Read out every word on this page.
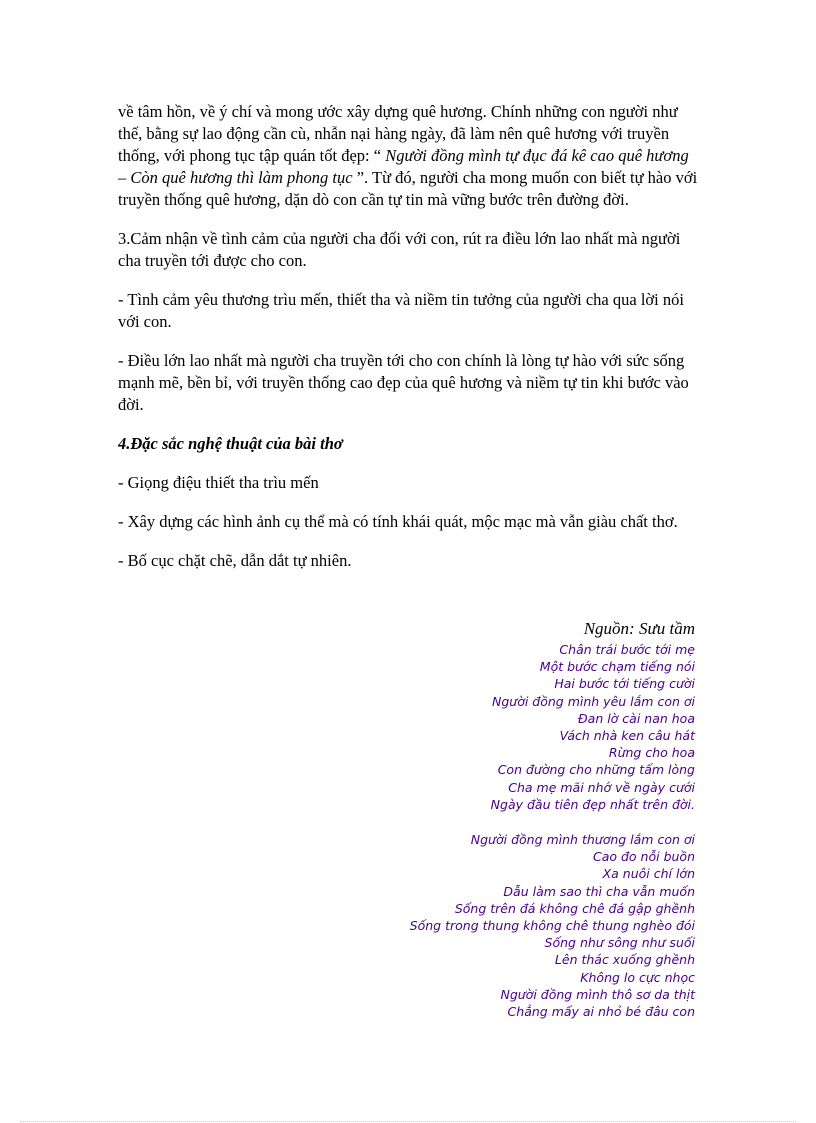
về tâm hồn, về ý chí và mong ước xây dựng quê hương. Chính những con người như thế, bằng sự lao động cần cù, nhẫn nại hàng ngày, đã làm nên quê hương với truyền thống, với phong tục tập quán tốt đẹp: “ Người đồng mình tự đục đá kê cao quê hương – Còn quê hương thì làm phong tục ”. Từ đó, người cha mong muốn con biết tự hào với truyền thống quê hương, dặn dò con cần tự tin mà vững bước trên đường đời.

3.Cảm nhận về tình cảm của người cha đối với con, rút ra điều lớn lao nhất mà người cha truyền tới được cho con.

- Tình cảm yêu thương trìu mến, thiết tha và niềm tin tưởng của người cha qua lời nói với con.

- Điều lớn lao nhất mà người cha truyền tới cho con chính là lòng tự hào với sức sống mạnh mẽ, bền bỉ, với truyền thống cao đẹp của quê hương và niềm tự tin khi bước vào đời.

4.Đặc sắc nghệ thuật của bài thơ

- Giọng điệu thiết tha trìu mến

- Xây dựng các hình ảnh cụ thể mà có tính khái quát, mộc mạc mà vẫn giàu chất thơ.

- Bố cục chặt chẽ, dẫn dắt tự nhiên.

Nguồn: Sưu tầm
Chân trái bước tới mẹ
Một bước chạm tiếng nói
Hai bước tới tiếng cười
Người đồng mình yêu lắm con ơi
Đan lờ cài nan hoa
Vách nhà ken câu hát
Rừng cho hoa
Con đường cho những tấm lòng
Cha mẹ mãi nhớ về ngày cưới
Ngày đầu tiên đẹp nhất trên đời.
Người đồng mình thương lắm con ơi
Cao đo nỗi buồn
Xa nuôi chí lớn
Dẫu làm sao thì cha vẫn muốn
Sống trên đá không chê đá gập ghềnh
Sống trong thung không chê thung nghèo đói
Sống như sông như suối
Lên thác xuống ghềnh
Không lo cực nhọc
Người đồng mình thô sơ da thịt
Chẳng mấy ai nhỏ bé đâu con
